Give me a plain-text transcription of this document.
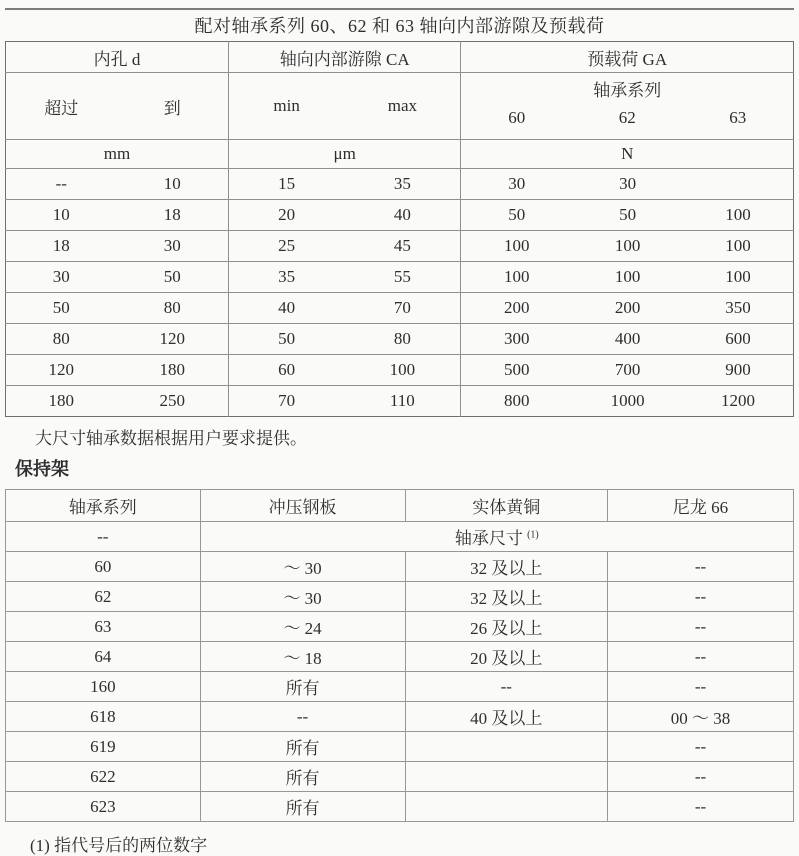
配对轴承系列 60、62 和 63 轴向内部游隙及预载荷
内孔 d		轴向内部游隙 CA		预载荷 GA		
超过	到	min	max	轴承系列
60 62 63		

mm		μm		N		
--	10	15	35	30	30	
10	18	20	40	50	50	100
18	30	25	45	100	100	100
30	50	35	55	100	100	100
50	80	40	70	200	200	350
80	120	50	80	300	400	600
120	180	60	100	500	700	900
180	250	70	110	800	1000	1200
大尺寸轴承数据根据用户要求提供。
保持架
轴承系列	冲压钢板	实体黄铜	尼龙 66
--	轴承尺寸 $^{(1)}$
60	～ 30	32 及以上	--
62	～ 30	32 及以上	--
63	～ 24	26 及以上	--
64	～ 18	20 及以上	--
160	所有	--	--
618	--	40 及以上	00 ～ 38
619	所有		--
622	所有		--
623	所有		--
(1) 指代号后的两位数字
